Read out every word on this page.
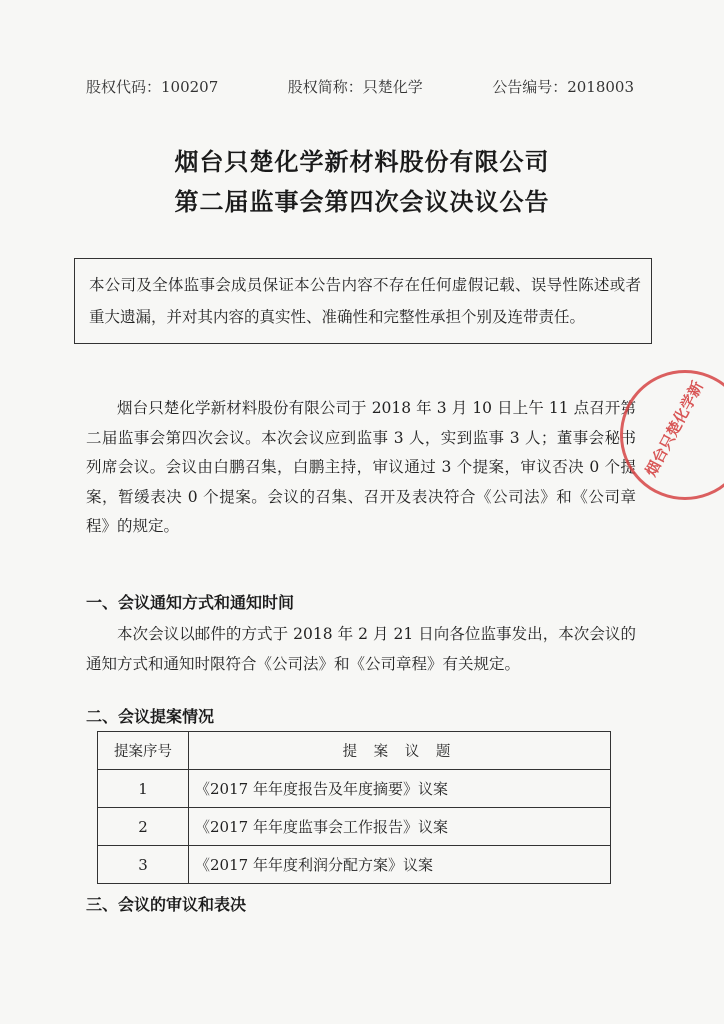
股权代码：100207	股权简称：只楚化学	公告编号：2018003
烟台只楚化学新材料股份有限公司
第二届监事会第四次会议决议公告
本公司及全体监事会成员保证本公告内容不存在任何虚假记载、误导性陈述或者重大遗漏，并对其内容的真实性、准确性和完整性承担个别及连带责任。
烟台只楚化学新材料股份有限公司于 2018 年 3 月 10 日上午 11 点召开第二届监事会第四次会议。本次会议应到监事 3 人，实到监事 3 人；董事会秘书列席会议。会议由白鹏召集，白鹏主持，审议通过 3 个提案，审议否决 0 个提案，暂缓表决 0 个提案。会议的召集、召开及表决符合《公司法》和《公司章程》的规定。
一、会议通知方式和通知时间
本次会议以邮件的方式于 2018 年 2 月 21 日向各位监事发出，本次会议的通知方式和通知时限符合《公司法》和《公司章程》有关规定。
二、会议提案情况
提案序号	提 案 议 题
1	《2017 年年度报告及年度摘要》议案
2	《2017 年年度监事会工作报告》议案
3	《2017 年年度利润分配方案》议案
三、会议的审议和表决
烟台只楚化学新
